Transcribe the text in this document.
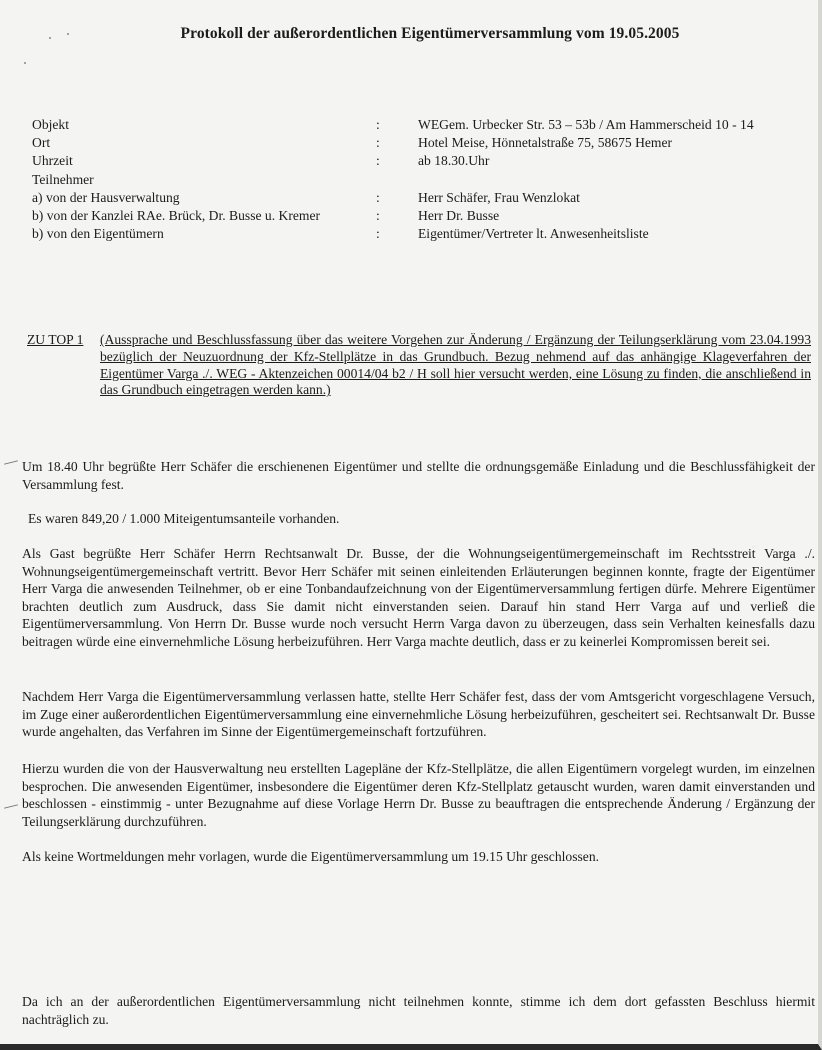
Protokoll der außerordentlichen Eigentümerversammlung vom 19.05.2005
Objekt	:	WEGem. Urbecker Str. 53 – 53b / Am Hammerscheid 10 - 14
Ort	:	Hotel Meise, Hönnetalstraße 75, 58675 Hemer
Uhrzeit	:	ab 18.30.Uhr
Teilnehmer
a) von der Hausverwaltung	:	Herr Schäfer, Frau Wenzlokat
b) von der Kanzlei RAe. Brück, Dr. Busse u. Kremer	:	Herr Dr. Busse
b) von den Eigentümern	:	Eigentümer/Vertreter lt. Anwesenheitsliste
ZU TOP 1	(Aussprache und Beschlussfassung über das weitere Vorgehen zur Änderung / Ergänzung der Teilungserklärung vom 23.04.1993 bezüglich der Neuzuordnung der Kfz-Stellplätze in das Grundbuch. Bezug nehmend auf das anhängige Klageverfahren der Eigentümer Varga ./. WEG - Aktenzeichen 00014/04 b2 / H soll hier versucht werden, eine Lösung zu finden, die anschließend in das Grundbuch eingetragen werden kann.)
Um 18.40 Uhr begrüßte Herr Schäfer die erschienenen Eigentümer und stellte die ordnungsgemäße Einladung und die Beschlussfähigkeit der Versammlung fest.
Es waren 849,20 / 1.000 Miteigentumsanteile vorhanden.
Als Gast begrüßte Herr Schäfer Herrn Rechtsanwalt Dr. Busse, der die Wohnungseigentümergemeinschaft im Rechtsstreit Varga ./. Wohnungseigentümergemeinschaft vertritt. Bevor Herr Schäfer mit seinen einleitenden Erläuterungen beginnen konnte, fragte der Eigentümer Herr Varga die anwesenden Teilnehmer, ob er eine Tonbandaufzeichnung von der Eigentümerversammlung fertigen dürfe. Mehrere Eigentümer brachten deutlich zum Ausdruck, dass Sie damit nicht einverstanden seien. Darauf hin stand Herr Varga auf und verließ die Eigentümerversammlung. Von Herrn Dr. Busse wurde noch versucht Herrn Varga davon zu überzeugen, dass sein Verhalten keinesfalls dazu beitragen würde eine einvernehmliche Lösung herbeizuführen. Herr Varga machte deutlich, dass er zu keinerlei Kompromissen bereit sei.
Nachdem Herr Varga die Eigentümerversammlung verlassen hatte, stellte Herr Schäfer fest, dass der vom Amtsgericht vorgeschlagene Versuch, im Zuge einer außerordentlichen Eigentümerversammlung eine einvernehmliche Lösung herbeizuführen, gescheitert sei. Rechtsanwalt Dr. Busse wurde angehalten, das Verfahren im Sinne der Eigentümergemeinschaft fortzuführen.
Hierzu wurden die von der Hausverwaltung neu erstellten Lagepläne der Kfz-Stellplätze, die allen Eigentümern vorgelegt wurden, im einzelnen besprochen. Die anwesenden Eigentümer, insbesondere die Eigentümer deren Kfz-Stellplatz getauscht wurden, waren damit einverstanden und beschlossen - einstimmig - unter Bezugnahme auf diese Vorlage Herrn Dr. Busse zu beauftragen die entsprechende Änderung / Ergänzung der Teilungserklärung durchzuführen.
Als keine Wortmeldungen mehr vorlagen, wurde die Eigentümerversammlung um 19.15 Uhr geschlossen.
Da ich an der außerordentlichen Eigentümerversammlung nicht teilnehmen konnte, stimme ich dem dort gefassten Beschluss hiermit nachträglich zu.
